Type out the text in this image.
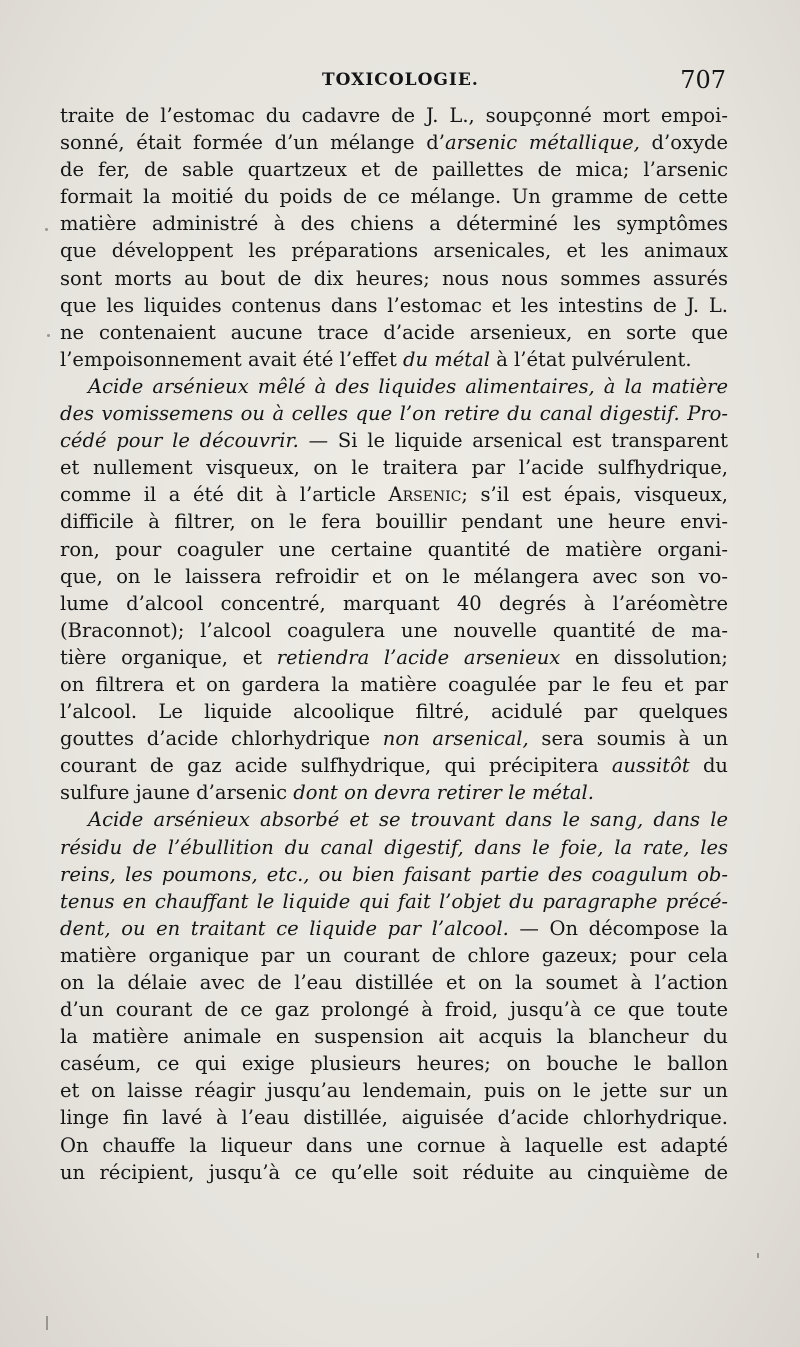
TOXICOLOGIE.	707
traite de l’estomac du cadavre de J. L., soupçonné mort empoi-
sonné, était formée d’un mélange d’arsenic métallique, d’oxyde
de fer, de sable quartzeux et de paillettes de mica; l’arsenic
formait la moitié du poids de ce mélange. Un gramme de cette
matière administré à des chiens a déterminé les symptômes
que développent les préparations arsenicales, et les animaux
sont morts au bout de dix heures; nous nous sommes assurés
que les liquides contenus dans l’estomac et les intestins de J. L.
ne contenaient aucune trace d’acide arsenieux, en sorte que
l’empoisonnement avait été l’effet du métal à l’état pulvérulent.
Acide arsénieux mêlé à des liquides alimentaires, à la matière
des vomissemens ou à celles que l’on retire du canal digestif. Pro-
cédé pour le découvrir. — Si le liquide arsenical est transparent
et nullement visqueux, on le traitera par l’acide sulfhydrique,
comme il a été dit à l’article Arsenic; s’il est épais, visqueux,
difficile à filtrer, on le fera bouillir pendant une heure envi-
ron, pour coaguler une certaine quantité de matière organi-
que, on le laissera refroidir et on le mélangera avec son vo-
lume d’alcool concentré, marquant 40 degrés à l’aréomètre
(Braconnot); l’alcool coagulera une nouvelle quantité de ma-
tière organique, et retiendra l’acide arsenieux en dissolution;
on filtrera et on gardera la matière coagulée par le feu et par
l’alcool. Le liquide alcoolique filtré, acidulé par quelques
gouttes d’acide chlorhydrique non arsenical, sera soumis à un
courant de gaz acide sulfhydrique, qui précipitera aussitôt du
sulfure jaune d’arsenic dont on devra retirer le métal.
Acide arsénieux absorbé et se trouvant dans le sang, dans le
résidu de l’ébullition du canal digestif, dans le foie, la rate, les
reins, les poumons, etc., ou bien faisant partie des coagulum ob-
tenus en chauffant le liquide qui fait l’objet du paragraphe précé-
dent, ou en traitant ce liquide par l’alcool. — On décompose la
matière organique par un courant de chlore gazeux; pour cela
on la délaie avec de l’eau distillée et on la soumet à l’action
d’un courant de ce gaz prolongé à froid, jusqu’à ce que toute
la matière animale en suspension ait acquis la blancheur du
caséum, ce qui exige plusieurs heures; on bouche le ballon
et on laisse réagir jusqu’au lendemain, puis on le jette sur un
linge fin lavé à l’eau distillée, aiguisée d’acide chlorhydrique.
On chauffe la liqueur dans une cornue à laquelle est adapté
un récipient, jusqu’à ce qu’elle soit réduite au cinquième de
